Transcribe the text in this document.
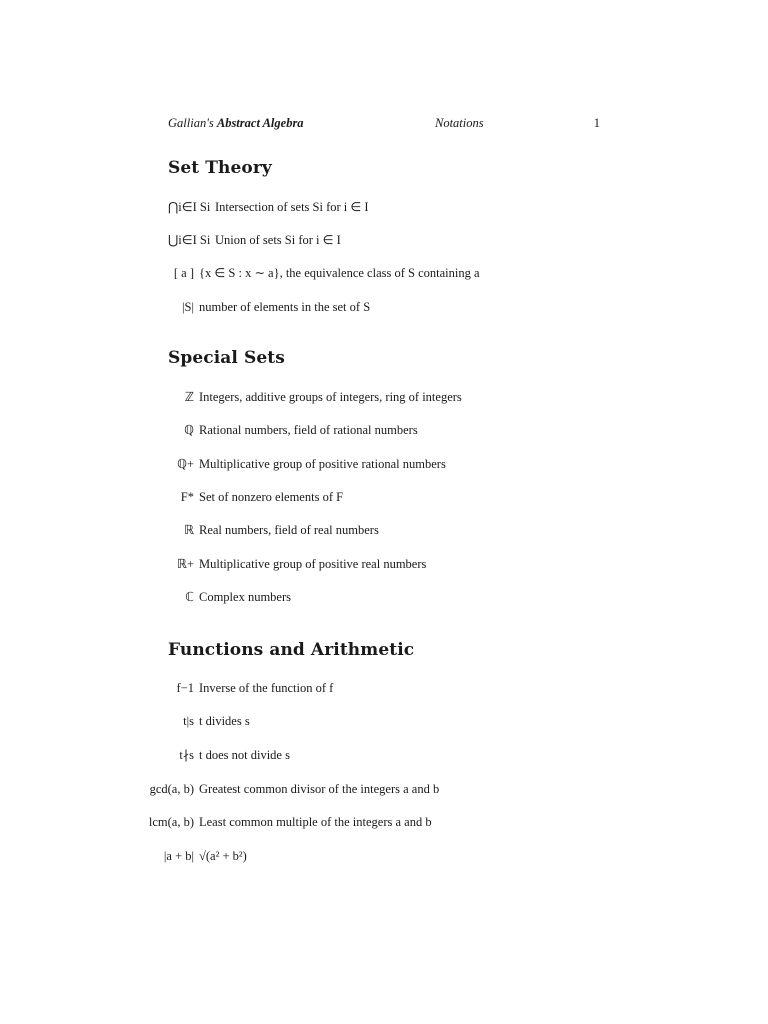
Gallian's Abstract Algebra	Notations	1
Set Theory
⋂i∈I Si Intersection of sets Si for i ∈ I
⋃i∈I Si Union of sets Si for i ∈ I
[ a ] {x ∈ S : x ∼ a}, the equivalence class of S containing a
|S| number of elements in the set of S
Special Sets
ℤ Integers, additive groups of integers, ring of integers
ℚ Rational numbers, field of rational numbers
ℚ+ Multiplicative group of positive rational numbers
F* Set of nonzero elements of F
ℝ Real numbers, field of real numbers
ℝ+ Multiplicative group of positive real numbers
ℂ Complex numbers
Functions and Arithmetic
f−1 Inverse of the function of f
t|s t divides s
t∤s t does not divide s
gcd(a, b) Greatest common divisor of the integers a and b
lcm(a, b) Least common multiple of the integers a and b
|a + b| √(a² + b²)
